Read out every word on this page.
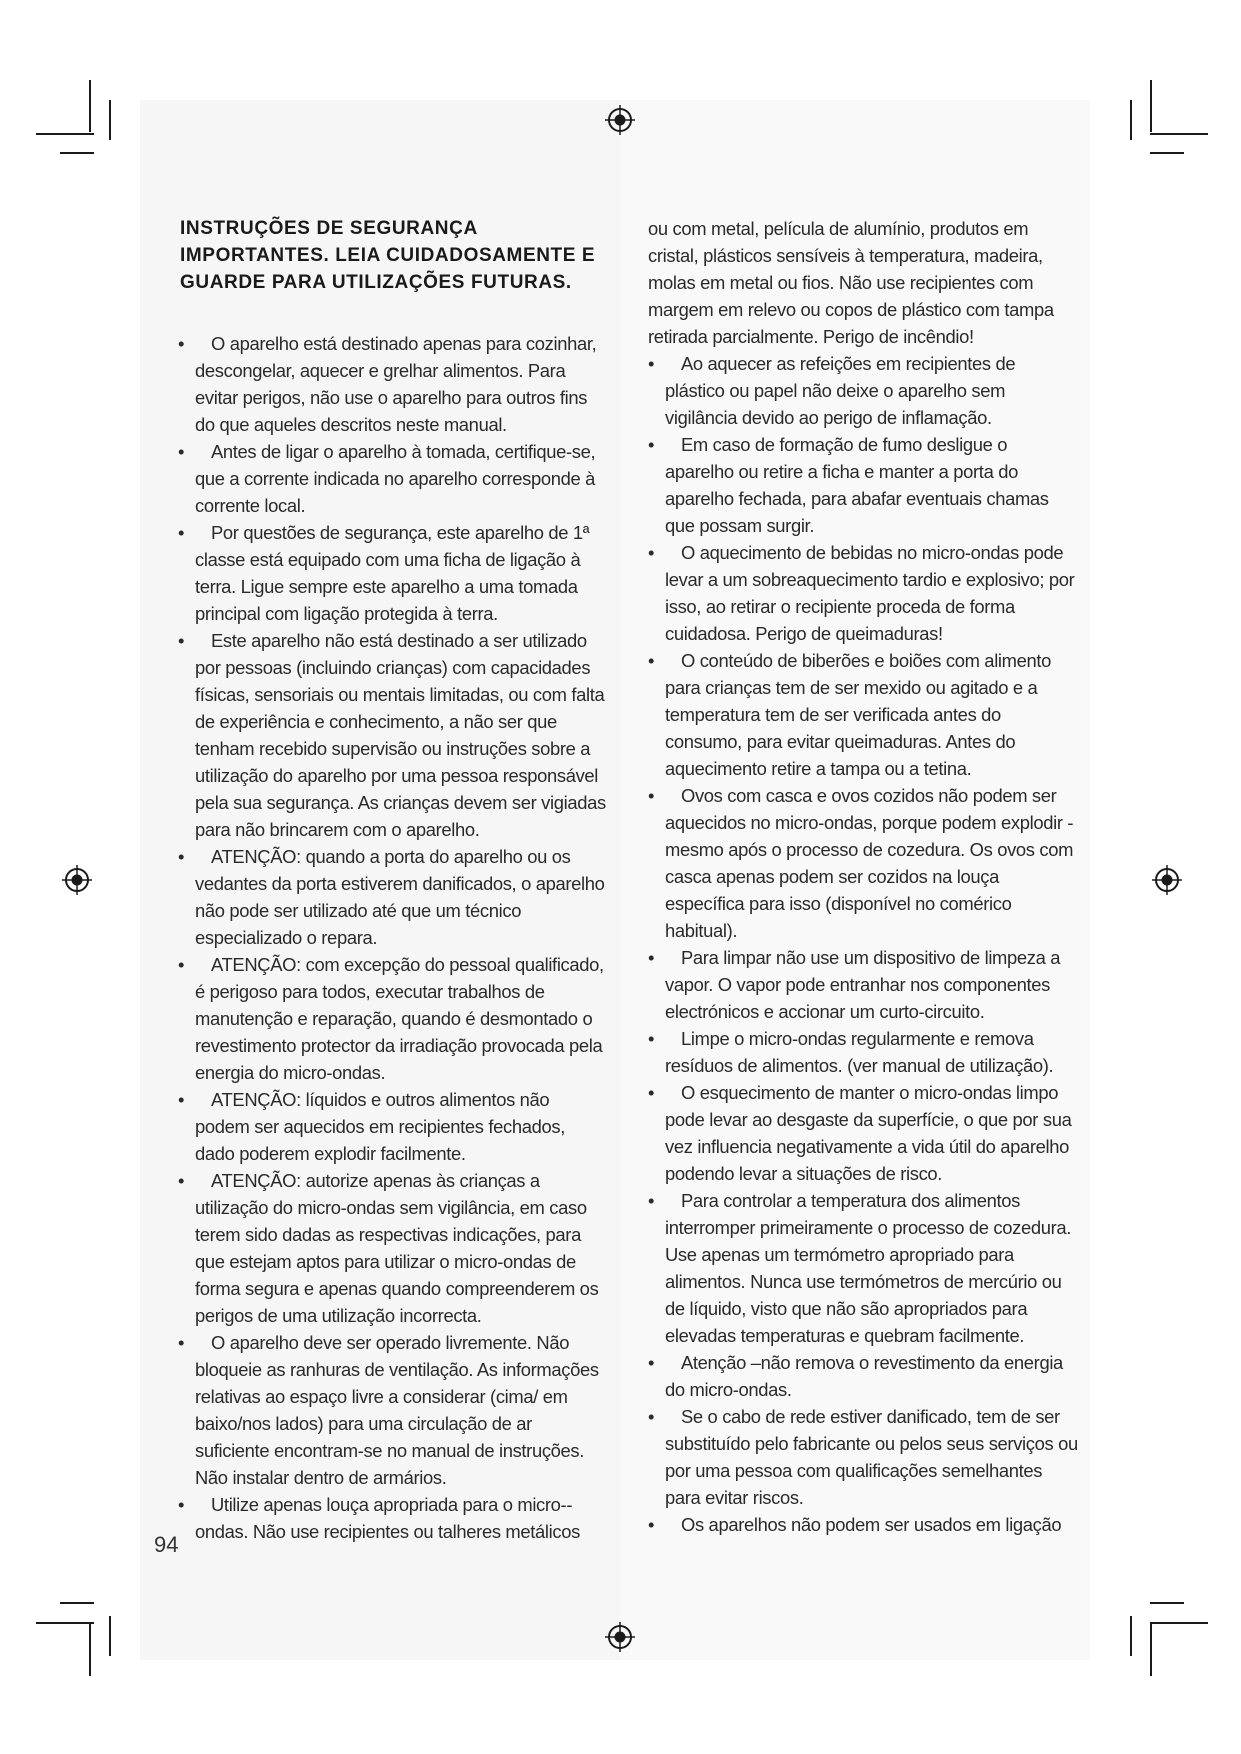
INSTRUÇÕES DE SEGURANÇA IMPORTANTES. LEIA CUIDADOSAMENTE E GUARDE PARA UTILIZAÇÕES FUTURAS.
•	O aparelho está destinado apenas para cozinhar, descongelar, aquecer e grelhar alimentos. Para evitar perigos, não use o aparelho para outros fins do que aqueles descritos neste manual.
•	Antes de ligar o aparelho à tomada, certifique-se, que a corrente indicada no aparelho corresponde à corrente local.
•	Por questões de segurança, este aparelho de 1ª classe está equipado com uma ficha de ligação à terra. Ligue sempre este aparelho a uma tomada principal com ligação protegida à terra.
•	Este aparelho não está destinado a ser utilizado por pessoas (incluindo crianças) com capacidades físicas, sensoriais ou mentais limitadas, ou com falta de experiência e conhecimento, a não ser que tenham recebido supervisão ou instruções sobre a utilização do aparelho por uma pessoa responsável pela sua segurança. As crianças devem ser vigiadas para não brincarem com o aparelho.
•	ATENÇÃO: quando a porta do aparelho ou os vedantes da porta estiverem danificados, o aparelho não pode ser utilizado até que um técnico especializado o repara.
•	ATENÇÃO: com excepção do pessoal qualificado, é perigoso para todos, executar trabalhos de manutenção e reparação, quando é desmontado o revestimento protector da irradiação provocada pela energia do micro-ondas.
•	ATENÇÃO: líquidos e outros alimentos não podem ser aquecidos em recipientes fechados, dado poderem explodir facilmente.
•	ATENÇÃO: autorize apenas às crianças a utilização do micro-ondas sem vigilância, em caso terem sido dadas as respectivas indicações, para que estejam aptos para utilizar o micro-ondas de forma segura e apenas quando compreenderem os perigos de uma utilização incorrecta.
•	O aparelho deve ser operado livremente. Não bloqueie as ranhuras de ventilação. As informações relativas ao espaço livre a considerar (cima/ em baixo/nos lados) para uma circulação de ar suficiente encontram-se no manual de instruções. Não instalar dentro de armários.
•	Utilize apenas louça apropriada para o micro--ondas. Não use recipientes ou talheres metálicos
ou com metal, película de alumínio, produtos em cristal, plásticos sensíveis à temperatura, madeira, molas em metal ou fios. Não use recipientes com margem em relevo ou copos de plástico com tampa retirada parcialmente. Perigo de incêndio!
•	Ao aquecer as refeições em recipientes de plástico ou papel não deixe o aparelho sem vigilância devido ao perigo de inflamação.
•	Em caso de formação de fumo desligue o aparelho ou retire a ficha e manter a porta do aparelho fechada, para abafar eventuais chamas que possam surgir.
•	O aquecimento de bebidas no micro-ondas pode levar a um sobreaquecimento tardio e explosivo; por isso, ao retirar o recipiente proceda de forma cuidadosa. Perigo de queimaduras!
•	O conteúdo de biberões e boiões com alimento para crianças tem de ser mexido ou agitado e a temperatura tem de ser verificada antes do consumo, para evitar queimaduras. Antes do aquecimento retire a tampa ou a tetina.
•	Ovos com casca e ovos cozidos não podem ser aquecidos no micro-ondas, porque podem explodir - mesmo após o processo de cozedura. Os ovos com casca apenas podem ser cozidos na louça específica para isso (disponível no comérico habitual).
•	Para limpar não use um dispositivo de limpeza a vapor. O vapor pode entranhar nos componentes electrónicos e accionar um curto-circuito.
•	Limpe o micro-ondas regularmente e remova resíduos de alimentos. (ver manual de utilização).
•	O esquecimento de manter o micro-ondas limpo pode levar ao desgaste da superfície, o que por sua vez influencia negativamente a vida útil do aparelho podendo levar a situações de risco.
•	Para controlar a temperatura dos alimentos interromper primeiramente o processo de cozedura. Use apenas um termómetro apropriado para alimentos. Nunca use termómetros de mercúrio ou de líquido, visto que não são apropriados para elevadas temperaturas e quebram facilmente.
•	Atenção –não remova o revestimento da energia do micro-ondas.
•	Se o cabo de rede estiver danificado, tem de ser substituído pelo fabricante ou pelos seus serviços ou por uma pessoa com qualificações semelhantes para evitar riscos.
•	Os aparelhos não podem ser usados em ligação
94
